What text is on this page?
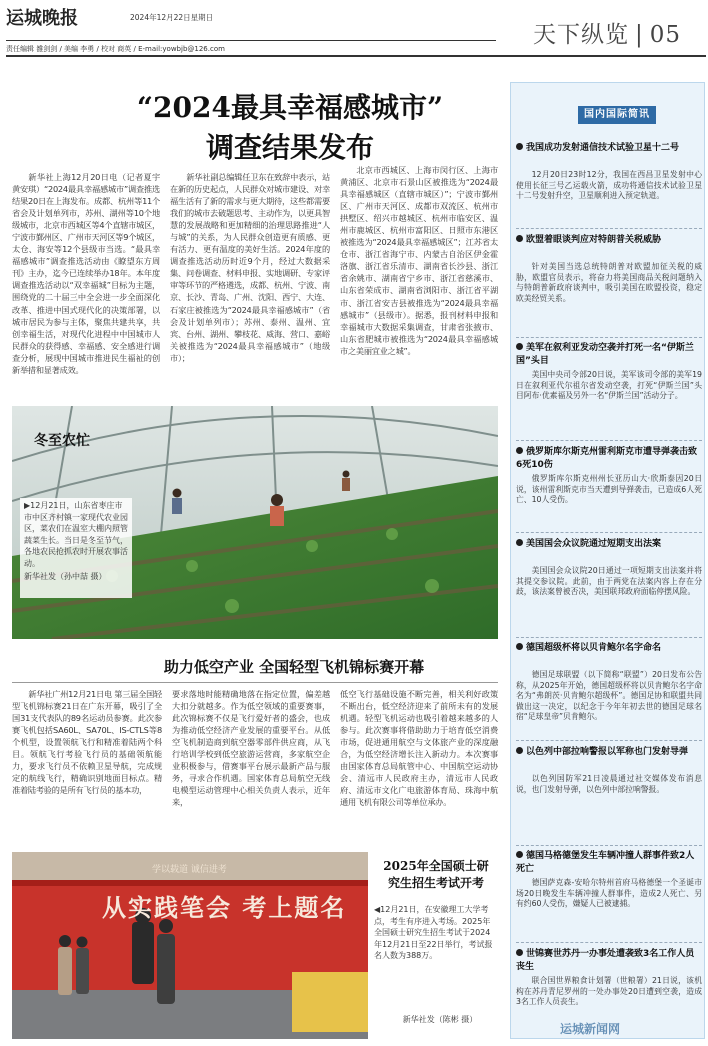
运城晚报	2024年12月22日星期日
天下纵览 | 05
责任编辑 雒剑剑 / 美编 李勇 / 校对 商英 / E-mail:yowbjb@126.com
“2024最具幸福感城市”
调查结果发布

新华社上海12月20日电（记者夏宇 黄安琪）“2024最具幸福感城市”调查推选结果20日在上海发布。成都、杭州等11个省会及计划单列市，苏州、湖州等10个地级城市，北京市西城区等4个直辖市城区，宁波市鄞州区、广州市天河区等9个城区，太仓、海安等12个县级市当选。“最具幸福感城市”调查推选活动由《瞭望东方周刊》主办，迄今已连续举办18年。本年度调查推选活动以“双幸福城”目标为主题，围绕党的二十届三中全会进一步全面深化改革、推进中国式现代化的决策部署，以城市居民为参与主体，聚焦共建共享，共创幸福生活，对现代化进程中中国城市人民群众的获得感、幸福感、安全感进行调查分析，展现中国城市推进民生福祉的创新举措和显著成效。

新华社副总编辑任卫东在致辞中表示，站在新的历史起点，人民群众对城市建设、对幸福生活有了新的需求与更大期待，这些都需要我们的城市去破题思考、主动作为，以更具智慧的发展战略和更加精细的治理思路推进“人与城”的关系，为人民群众创造更有质感、更有活力、更有温度的美好生活。2024年度的调查推选活动历时近9个月，经过大数据采集、问卷调查、材料申报、实地调研、专家评审等环节的严格遴选，成都、杭州、宁波、南京、长沙、青岛、广州、沈阳、西宁、大连、石家庄被推选为“2024最具幸福感城市”（省会及计划单列市）；苏州、泰州、温州、宜宾、台州、湖州、攀枝花、威海、营口、嘉峪关被推选为“2024最具幸福感城市”（地级市）；

北京市西城区、上海市闵行区、上海市黄浦区、北京市石景山区被推选为“2024最具幸福感城区（直辖市城区）”；宁波市鄞州区、广州市天河区、成都市双流区、杭州市拱墅区、绍兴市越城区、杭州市临安区、温州市鹿城区、杭州市富阳区、日照市东港区被推选为“2024最具幸福感城区”；江苏省太仓市、浙江省海宁市、内蒙古自治区伊金霍洛旗、浙江省乐清市、湖南省长沙县、浙江省余姚市、湖南省宁乡市、浙江省慈溪市、山东省荣成市、湖南省浏阳市、浙江省平湖市、浙江省安吉县被推选为“2024最具幸福感城市”（县级市）。据悉，报刊材料申报和幸福城市大数据采集调查，甘肃省张掖市、山东省肥城市被推选为“2024最具幸福感城市之美丽宜业之城”。

冬至农忙
▶12月21日，山东省枣庄市市中区齐村镇一家现代农业园区，菜农们在温室大棚内照管蔬菜生长。当日是冬至节气，各地农民抢抓农时开展农事活动。
新华社发（孙中喆 摄）
助力低空产业 全国轻型飞机锦标赛开幕

新华社广州12月21日电 第三届全国轻型飞机锦标赛21日在广东开幕，吸引了全国31支代表队的89名运动员参赛。此次参赛飞机包括SA60L、SA70L、IS-CTLS等8个机型，设置领航飞行和精准着陆两个科目。领航飞行考验飞行员的基础领航能力，要求飞行员不依赖卫星导航，完成规定的航线飞行，精确识别地面目标点。精准着陆考验的是所有飞行员的基本功，

要求落地时能精确地落在指定位置，偏差越大扣分就越多。作为低空领域的重要赛事，此次锦标赛不仅是飞行爱好者的盛会，也成为推动低空经济产业发展的重要平台。从低空飞机制造商到航空器零部件供应商，从飞行培训学校到低空旅游运营商，多家航空企业积极参与，借赛事平台展示最新产品与服务，寻求合作机遇。国家体育总局航空无线电模型运动管理中心相关负责人表示，近年来，

低空飞行基础设施不断完善，相关利好政策不断出台，低空经济迎来了前所未有的发展机遇。轻型飞机运动也吸引着越来越多的人参与。此次赛事将借助助力于培育低空消费市场，促进通用航空与文体旅产业的深度融合，为低空经济增长注入新动力。本次赛事由国家体育总局航管中心、中国航空运动协会、清远市人民政府主办，清远市人民政府、清远市文化广电旅游体育局、珠海中航通用飞机有限公司等单位承办。

从实践笔会 考上题名
学以载道 诚信进考	2025年全国硕士研
究生招生考试开考
◀12月21日，在安徽理工大学考点，考生有序进入考场。2025年全国硕士研究生招生考试于2024年12月21日至22日举行，考试报名人数为388万。
新华社发（陈彬 摄）
国内国际简讯
我国成功发射通信技术试验卫星十二号
12月20日23时12分，我国在西昌卫星发射中心使用长征三号乙运载火箭，成功将通信技术试验卫星十二号发射升空，卫星顺利进入预定轨道。
欧盟着眼谈判应对特朗普关税威胁
针对美国当选总统特朗普对欧盟加征关税的威胁，欧盟官员表示，将奋力将美国商品关税问题纳入与特朗普新政府谈判中，吸引美国在欧盟投资，稳定欧美经贸关系。
美军在叙利亚发动空袭并打死一名“伊斯兰国”头目
美国中央司令部20日说，美军该司令部的美军19日在叙利亚代尔祖尔省发动空袭，打死“伊斯兰国”头目阿布·优素福及另外一名“伊斯兰国”活动分子。
俄罗斯库尔斯克州雷利斯克市遭导弹袭击致6死10伤
俄罗斯库尔斯克州州长亚历山大·欣斯泰因20日说，该州雷利斯克市当天遭到导弹袭击，已造成6人死亡、10人受伤。
美国国会众议院通过短期支出法案
美国国会众议院20日通过一项短期支出法案并将其提交参议院。此前，由于两党在法案内容上存在分歧，该法案曾被否决，美国联邦政府面临停摆风险。
德国超级杯将以贝肯鲍尔名字命名
德国足球联盟（以下简称“联盟”）20日发布公告称，从2025年开始，德国超级杯将以贝肯鲍尔名字命名为“弗朗茨·贝肯鲍尔超级杯”。德国足协和联盟共同做出这一决定，以纪念于今年年初去世的德国足球名宿“足球皇帝”贝肯鲍尔。
以色列中部拉响警报以军称也门发射导弹
以色列国防军21日凌晨通过社交媒体发布消息说，也门发射导弹，以色列中部拉响警报。
德国马格德堡发生车辆冲撞人群事件致2人死亡
德国萨克森-安哈尔特州首府马格德堡一个圣诞市场20日晚发生车辆冲撞人群事件，造成2人死亡、另有约60人受伤，嫌疑人已被逮捕。
世锦赛世苏丹一办事处遭袭致3名工作人员丧生
联合国世界粮食计划署（世粮署）21日说，该机构在苏丹青尼罗州的一处办事处20日遭到空袭，造成3名工作人员丧生。
运城新闻网
